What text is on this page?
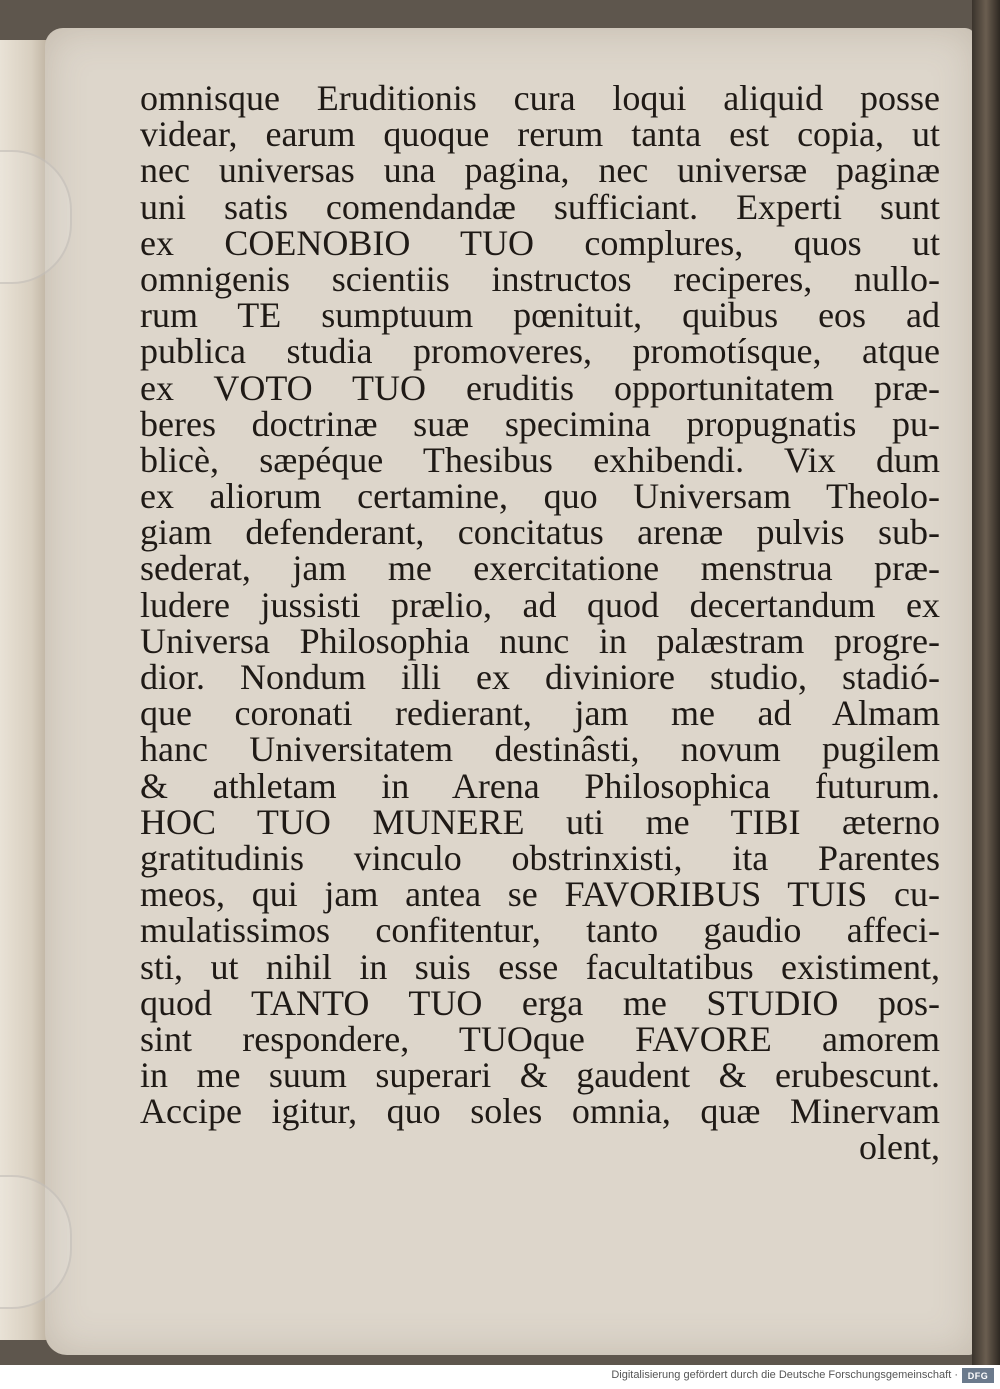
omnisque Eruditionis cura loqui aliquid posse
videar, earum quoque rerum tanta est copia, ut
nec universas una pagina, nec universæ paginæ
uni satis comendandæ sufficiant. Experti sunt
ex COENOBIO TUO complures, quos ut
omnigenis scientiis instructos reciperes, nullo-
rum TE sumptuum pœnituit, quibus eos ad
publica studia promoveres, promotísque, atque
ex VOTO TUO eruditis opportunitatem præ-
beres doctrinæ suæ specimina propugnatis pu-
blicè, sæpéque Thesibus exhibendi. Vix dum
ex aliorum certamine, quo Universam Theolo-
giam defenderant, concitatus arenæ pulvis sub-
sederat, jam me exercitatione menstrua præ-
ludere jussisti prælio, ad quod decertandum ex
Universa Philosophia nunc in palæstram progre-
dior. Nondum illi ex diviniore studio, stadió-
que coronati redierant, jam me ad Almam
hanc Universitatem destinâsti, novum pugilem
& athletam in Arena Philosophica futurum.
HOC TUO MUNERE uti me TIBI æterno
gratitudinis vinculo obstrinxisti, ita Parentes
meos, qui jam antea se FAVORIBUS TUIS cu-
mulatissimos confitentur, tanto gaudio affeci-
sti, ut nihil in suis esse facultatibus existiment,
quod TANTO TUO erga me STUDIO pos-
sint respondere, TUOque FAVORE amorem
in me suum superari & gaudent & erubescunt.
Accipe igitur, quo soles omnia, quæ Minervam
olent,
Digitalisierung gefördert durch die Deutsche Forschungsgemeinschaft ·	DFG
